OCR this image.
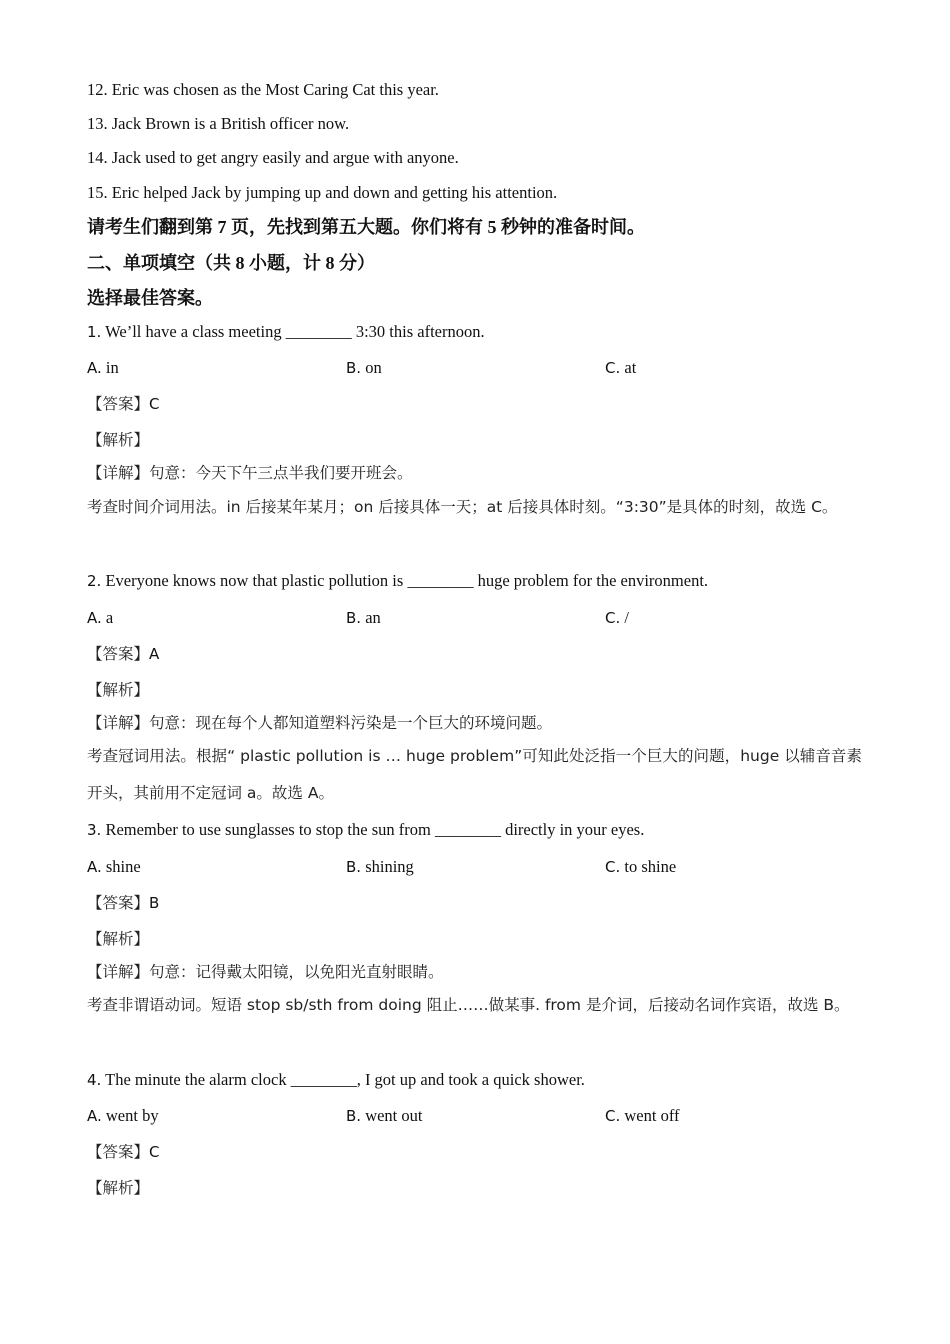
12. Eric was chosen as the Most Caring Cat this year.
13. Jack Brown is a British officer now.
14. Jack used to get angry easily and argue with anyone.
15. Eric helped Jack by jumping up and down and getting his attention.
请考生们翻到第 7 页，先找到第五大题。你们将有 5 秒钟的准备时间。
二、单项填空（共 8 小题，计 8 分）
选择最佳答案。
1. We’ll have a class meeting ________ 3:30 this afternoon.
A. in	B. on	C. at
【答案】C
【解析】
【详解】句意：今天下午三点半我们要开班会。
考查时间介词用法。in 后接某年某月；on 后接具体一天；at 后接具体时刻。“3:30”是具体的时刻，故选 C。
2. Everyone knows now that plastic pollution is ________ huge problem for the environment.
A. a	B. an	C. /
【答案】A
【解析】
【详解】句意：现在每个人都知道塑料污染是一个巨大的环境问题。
考查冠词用法。根据“ plastic pollution is … huge problem”可知此处泛指一个巨大的问题，huge 以辅音音素开头，其前用不定冠词 a。故选 A。
3. Remember to use sunglasses to stop the sun from ________ directly in your eyes.
A. shine	B. shining	C. to shine
【答案】B
【解析】
【详解】句意：记得戴太阳镜，以免阳光直射眼睛。
考查非谓语动词。短语 stop sb/sth from doing 阻止……做某事. from 是介词，后接动名词作宾语，故选 B。
4. The minute the alarm clock ________, I got up and took a quick shower.
A. went by	B. went out	C. went off
【答案】C
【解析】
